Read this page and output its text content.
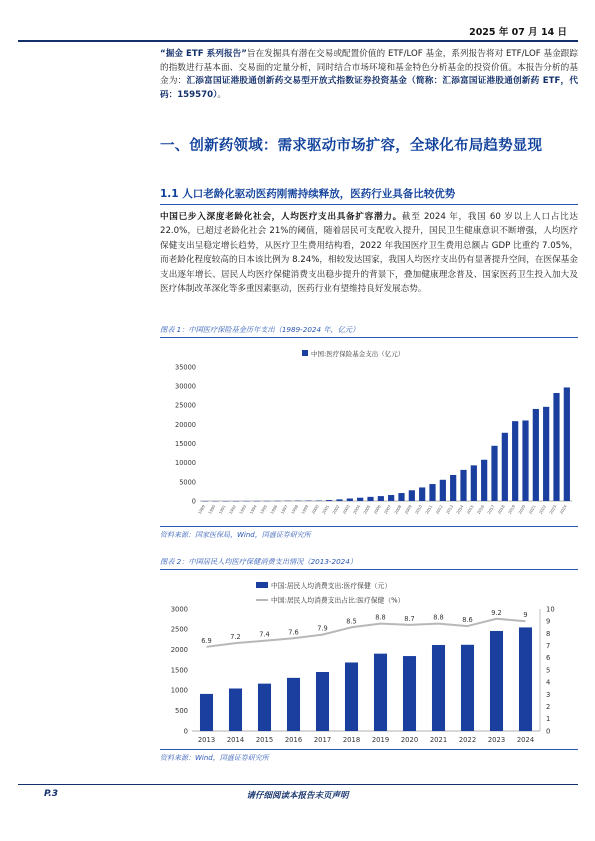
2025 年 07 月 14 日
“掘金 ETF 系列报告”旨在发掘具有潜在交易或配置价值的 ETF/LOF 基金，系列报告将对 ETF/LOF 基金跟踪的指数进行基本面、交易面的定量分析，同时结合市场环境和基金特色分析基金的投资价值。本报告分析的基金为：汇添富国证港股通创新药交易型开放式指数证券投资基金（简称：汇添富国证港股通创新药 ETF，代码：159570）。
一、创新药领域：需求驱动市场扩容，全球化布局趋势显现
1.1 人口老龄化驱动医药刚需持续释放，医药行业具备比较优势
中国已步入深度老龄化社会，人均医疗支出具备扩容潜力。截至 2024 年，我国 60 岁以上人口占比达 22.0%，已超过老龄化社会 21%的阈值，随着居民可支配收入提升，国民卫生健康意识不断增强，人均医疗保健支出呈稳定增长趋势，从医疗卫生费用结构看，2022 年我国医疗卫生费用总额占 GDP 比重约 7.05%，而老龄化程度较高的日本该比例为 8.24%，相较发达国家，我国人均医疗支出仍有显著提升空间，在医保基金支出逐年增长、居民人均医疗保健消费支出稳步提升的背景下，叠加健康理念普及、国家医药卫生投入加大及医疗体制改革深化等多重因素驱动，医药行业有望维持良好发展态势。
图表 1：中国医疗保险基金历年支出（1989-2024 年，亿元）
中国:医疗保险基金支出（亿元）
0
5000
10000
15000
20000
25000
30000
35000
1989 1990 1991 1992 1993 1994 1995 1996 1997 1998 1999 2000 2001 2002 2003 2004 2005 2006 2007 2008 2009 2010 2011 2012 2013 2014 2015 2016 2017 2018 2019 2020 2021 2022 2023 2024
资料来源：国家医保局，Wind，国盛证券研究所
图表 2：中国居民人均医疗保健消费支出情况（2013-2024）
中国:居民人均消费支出:医疗保健（元）
中国:居民人均消费支出占比:医疗保健（%）
0
500
1000
1500
2000
2500
3000
0
1
2
3
4
5
6
7
8
9
10
6.9	7.2	7.4	7.6	7.9
8.5	8.8	8.7	8.8	8.6
9.2	9
2013 2014 2015 2016 2017 2018 2019 2020 2021 2022 2023 2024
资料来源：Wind，国盛证券研究所
P.3	请仔细阅读本报告末页声明
